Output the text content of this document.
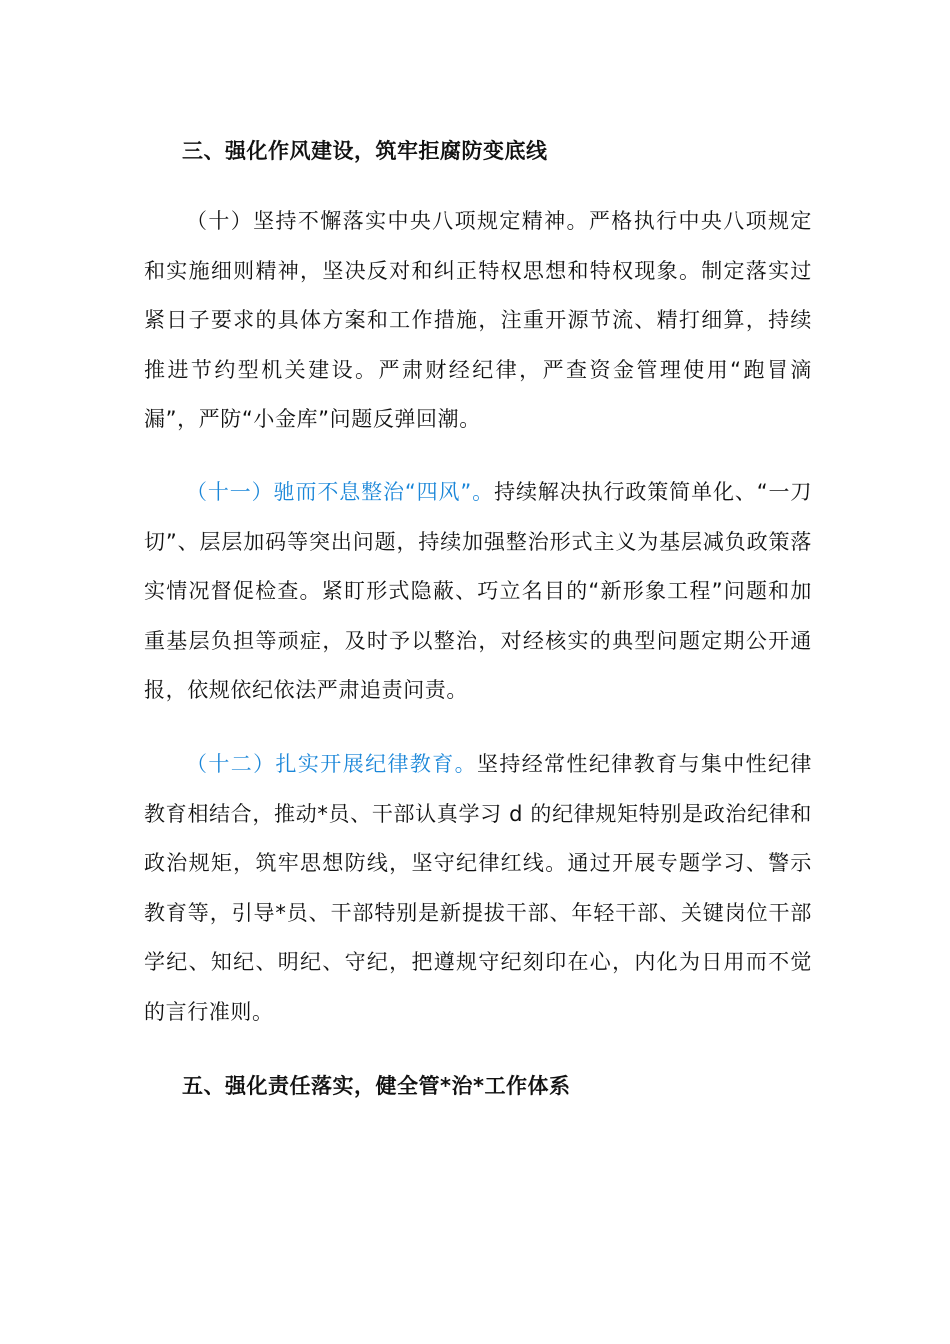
三、强化作风建设，筑牢拒腐防变底线

（十）坚持不懈落实中央八项规定精神。严格执行中央八项规定和实施细则精神，坚决反对和纠正特权思想和特权现象。制定落实过紧日子要求的具体方案和工作措施，注重开源节流、精打细算，持续推进节约型机关建设。严肃财经纪律，严查资金管理使用“跑冒滴漏”，严防“小金库”问题反弹回潮。

（十一）驰而不息整治“四风”。持续解决执行政策简单化、“一刀切”、层层加码等突出问题，持续加强整治形式主义为基层减负政策落实情况督促检查。紧盯形式隐蔽、巧立名目的“新形象工程”问题和加重基层负担等顽症，及时予以整治，对经核实的典型问题定期公开通报，依规依纪依法严肃追责问责。

（十二）扎实开展纪律教育。坚持经常性纪律教育与集中性纪律教育相结合，推动*员、干部认真学习 d 的纪律规矩特别是政治纪律和政治规矩，筑牢思想防线，坚守纪律红线。通过开展专题学习、警示教育等，引导*员、干部特别是新提拔干部、年轻干部、关键岗位干部学纪、知纪、明纪、守纪，把遵规守纪刻印在心，内化为日用而不觉的言行准则。

五、强化责任落实，健全管*治*工作体系
